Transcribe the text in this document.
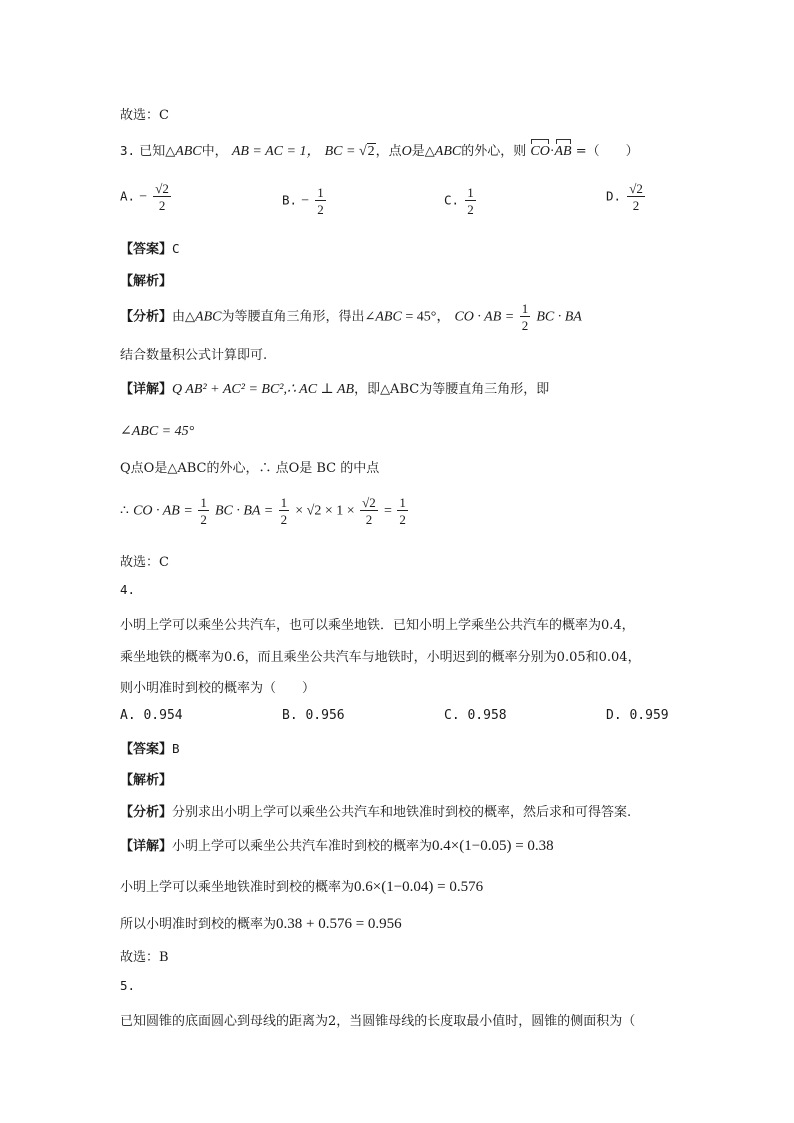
故选：C
3. 已知△ABC中， AB = AC = 1， BC = √2，点O是△ABC的外心，则 CO·AB =（　　）
A. − $\frac{√2}{2}$	B. − $\frac{1}{2}$	C. $\frac{1}{2}$	D. $\frac{√2}{2}$
【答案】C
【解析】
【分析】由△ABC为等腰直角三角形，得出∠ABC = 45°， CO · AB = $\frac{1}{2}$ BC · BA
结合数量积公式计算即可.
【详解】Q AB² + AC² = BC²,∴ AC ⊥ AB，即△ABC为等腰直角三角形，即
∠ABC = 45°
Q点O是△ABC的外心，∴ 点O是 BC 的中点
∴ CO · AB = $\frac{1}{2}$ BC · BA = $\frac{1}{2} \times √2 \times 1 \times \frac{√2}{2} = \frac{1}{2}$
故选：C
4.
小明上学可以乘坐公共汽车，也可以乘坐地铁．已知小明上学乘坐公共汽车的概率为0.4，
乘坐地铁的概率为0.6，而且乘坐公共汽车与地铁时，小明迟到的概率分别为0.05和0.04，
则小明准时到校的概率为（　　）
A. 0.954	B. 0.956	C. 0.958	D. 0.959
【答案】B
【解析】
【分析】分别求出小明上学可以乘坐公共汽车和地铁准时到校的概率，然后求和可得答案.
【详解】小明上学可以乘坐公共汽车准时到校的概率为0.4×(1−0.05) = 0.38
小明上学可以乘坐地铁准时到校的概率为0.6×(1−0.04) = 0.576
所以小明准时到校的概率为0.38 + 0.576 = 0.956
故选：B
5.
已知圆锥的底面圆心到母线的距离为2，当圆锥母线的长度取最小值时，圆锥的侧面积为（
